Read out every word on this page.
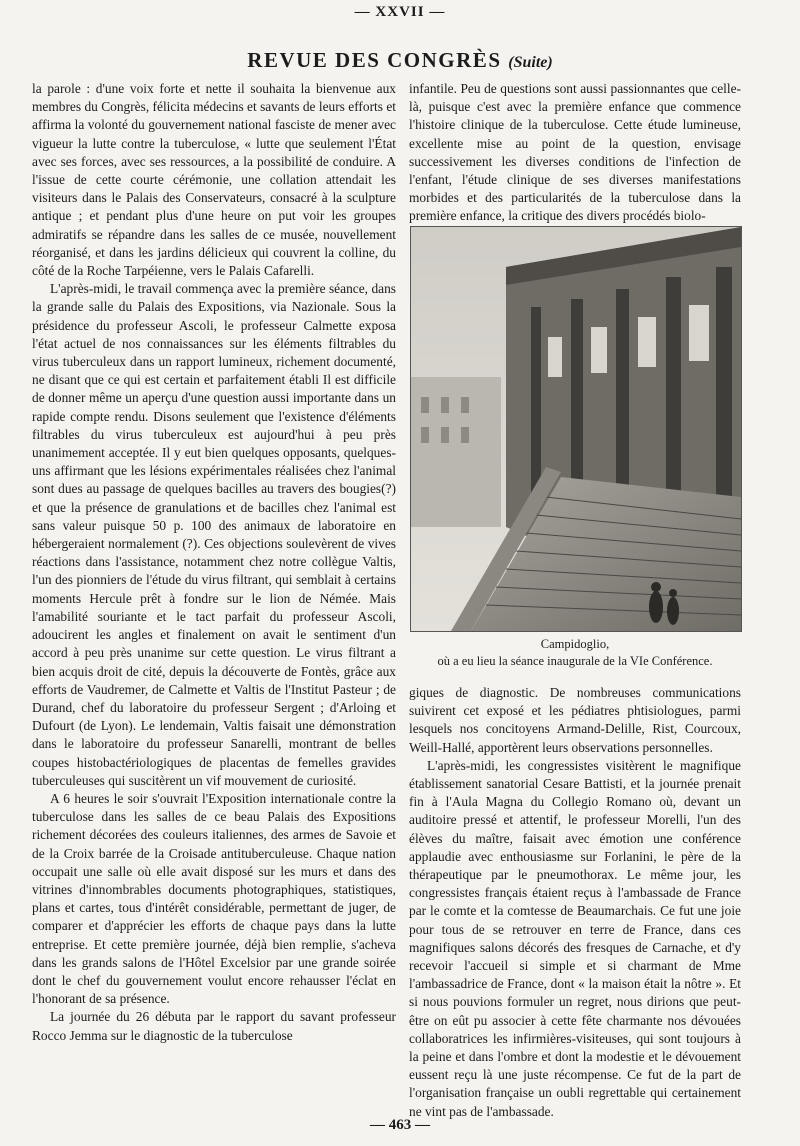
— XXVII —
REVUE DES CONGRÈS (Suite)

la parole : d'une voix forte et nette il souhaita la bienvenue aux membres du Congrès, félicita médecins et savants de leurs efforts et affirma la volonté du gouvernement national fasciste de mener avec vigueur la lutte contre la tuberculose, « lutte que seulement l'État avec ses forces, avec ses ressources, a la possibilité de conduire. A l'issue de cette courte cérémonie, une collation attendait les visiteurs dans le Palais des Conservateurs, consacré à la sculpture antique ; et pendant plus d'une heure on put voir les groupes admiratifs se répandre dans les salles de ce musée, nouvellement réorganisé, et dans les jardins délicieux qui couvrent la colline, du côté de la Roche Tarpéienne, vers le Palais Cafarelli.

L'après-midi, le travail commença avec la première séance, dans la grande salle du Palais des Expositions, via Nazionale. Sous la présidence du professeur Ascoli, le professeur Calmette exposa l'état actuel de nos connaissances sur les éléments filtrables du virus tuberculeux dans un rapport lumineux, richement documenté, ne disant que ce qui est certain et parfaitement établi Il est difficile de donner même un aperçu d'une question aussi importante dans un rapide compte rendu. Disons seulement que l'existence d'éléments filtrables du virus tuberculeux est aujourd'hui à peu près unanimement acceptée. Il y eut bien quelques opposants, quelques-uns affirmant que les lésions expérimentales réalisées chez l'animal sont dues au passage de quelques bacilles au travers des bougies(?) et que la présence de granulations et de bacilles chez l'animal est sans valeur puisque 50 p. 100 des animaux de laboratoire en hébergeraient normalement (?). Ces objections soulevèrent de vives réactions dans l'assistance, notamment chez notre collègue Valtis, l'un des pionniers de l'étude du virus filtrant, qui semblait à certains moments Hercule prêt à fondre sur le lion de Némée. Mais l'amabilité souriante et le tact parfait du professeur Ascoli, adoucirent les angles et finalement on avait le sentiment d'un accord à peu près unanime sur cette question. Le virus filtrant a bien acquis droit de cité, depuis la découverte de Fontès, grâce aux efforts de Vaudremer, de Calmette et Valtis de l'Institut Pasteur ; de Durand, chef du laboratoire du professeur Sergent ; d'Arloing et Dufourt (de Lyon). Le lendemain, Valtis faisait une démonstration dans le laboratoire du professeur Sanarelli, montrant de belles coupes histobactériologiques de placentas de femelles gravides tuberculeuses qui suscitèrent un vif mouvement de curiosité.

A 6 heures le soir s'ouvrait l'Exposition internationale contre la tuberculose dans les salles de ce beau Palais des Expositions richement décorées des couleurs italiennes, des armes de Savoie et de la Croix barrée de la Croisade antituberculeuse. Chaque nation occupait une salle où elle avait disposé sur les murs et dans des vitrines d'innombrables documents photographiques, statistiques, plans et cartes, tous d'intérêt considérable, permettant de juger, de comparer et d'apprécier les efforts de chaque pays dans la lutte entreprise. Et cette première journée, déjà bien remplie, s'acheva dans les grands salons de l'Hôtel Excelsior par une grande soirée dont le chef du gouvernement voulut encore rehausser l'éclat en l'honorant de sa présence.

La journée du 26 débuta par le rapport du savant professeur Rocco Jemma sur le diagnostic de la tuberculose

infantile. Peu de questions sont aussi passionnantes que celle-là, puisque c'est avec la première enfance que commence l'histoire clinique de la tuberculose. Cette étude lumineuse, excellente mise au point de la question, envisage successivement les diverses conditions de l'infection de l'enfant, l'étude clinique de ses diverses manifestations morbides et des particularités de la tuberculose dans la première enfance, la critique des divers procédés biolo-

Campidoglio,
où a eu lieu la séance inaugurale de la VIe Conférence.

giques de diagnostic. De nombreuses communications suivirent cet exposé et les pédiatres phtisiologues, parmi lesquels nos concitoyens Armand-Delille, Rist, Courcoux, Weill-Hallé, apportèrent leurs observations personnelles.

L'après-midi, les congressistes visitèrent le magnifique établissement sanatorial Cesare Battisti, et la journée prenait fin à l'Aula Magna du Collegio Romano où, devant un auditoire pressé et attentif, le professeur Morelli, l'un des élèves du maître, faisait avec émotion une conférence applaudie avec enthousiasme sur Forlanini, le père de la thérapeutique par le pneumothorax. Le même jour, les congressistes français étaient reçus à l'ambassade de France par le comte et la comtesse de Beaumarchais. Ce fut une joie pour tous de se retrouver en terre de France, dans ces magnifiques salons décorés des fresques de Carnache, et d'y recevoir l'accueil si simple et si charmant de Mme l'ambassadrice de France, dont « la maison était la nôtre ». Et si nous pouvions formuler un regret, nous dirions que peut-être on eût pu associer à cette fête charmante nos dévouées collaboratrices les infirmières-visiteuses, qui sont toujours à la peine et dans l'ombre et dont la modestie et le dévouement eussent reçu là une juste récompense. Ce fut de la part de l'organisation française un oubli regrettable qui certainement ne vint pas de l'ambassade.

— 463 —
